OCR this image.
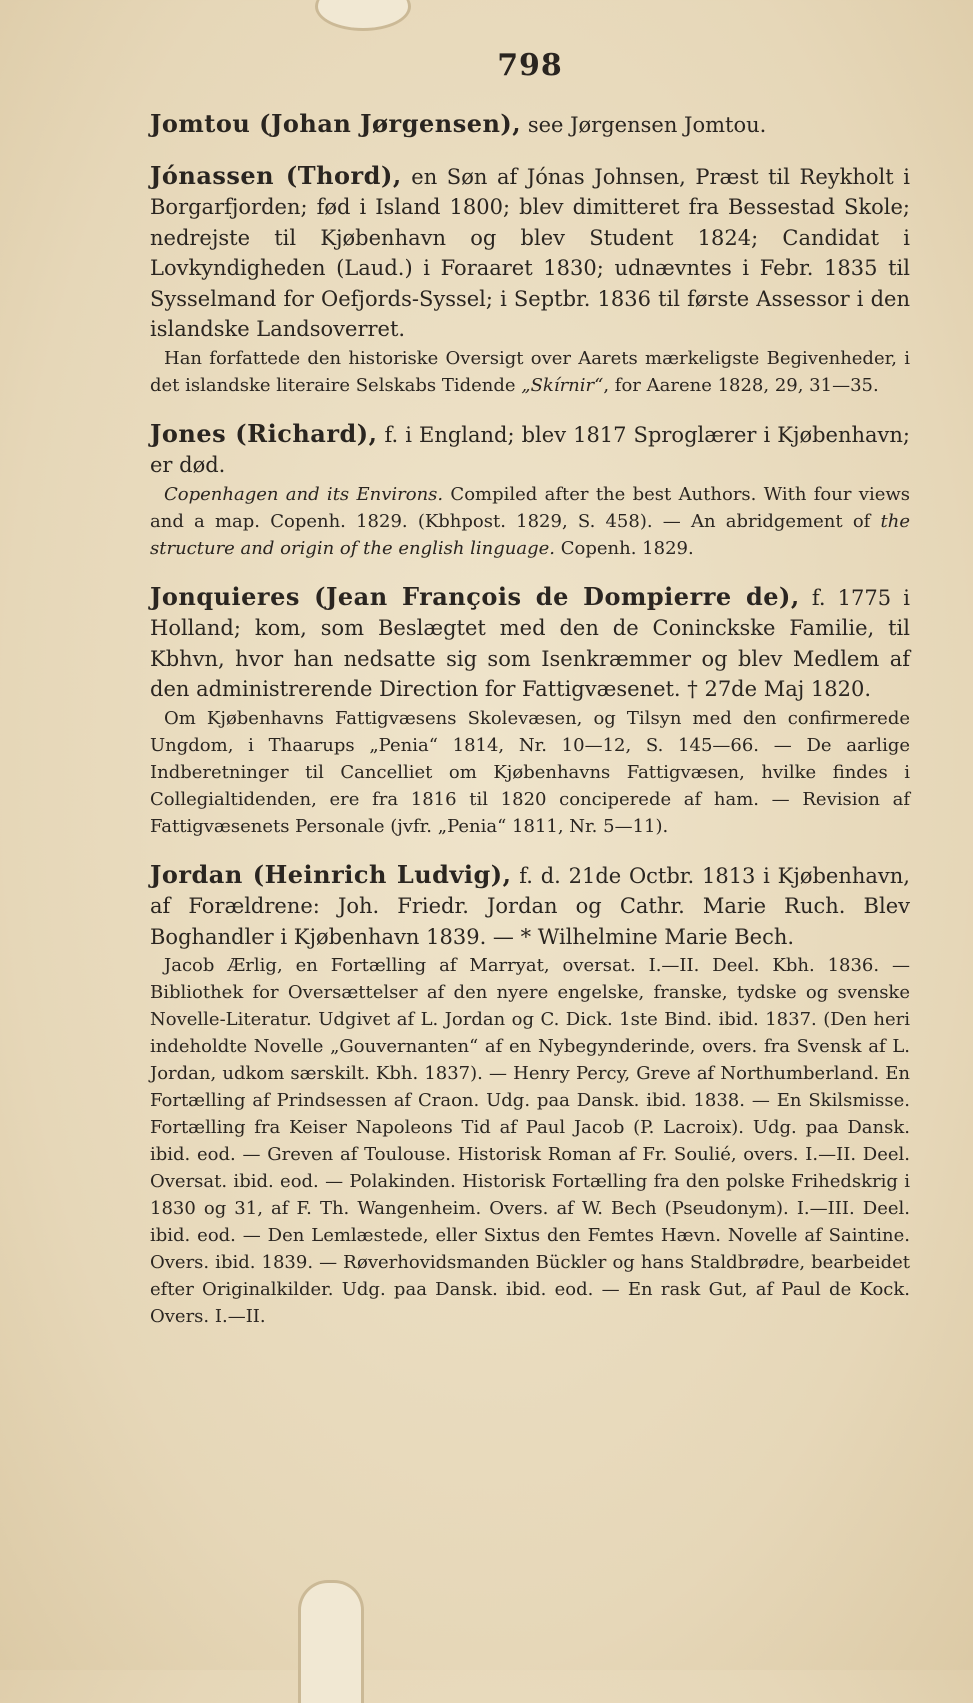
798

Jomtou (Johan Jørgensen), see Jørgensen Jomtou.

Jónassen (Thord), en Søn af Jónas Johnsen, Præst til Reykholt i Borgarfjorden; fød i Island 1800; blev dimitteret fra Bessestad Skole; nedrejste til Kjøbenhavn og blev Student 1824; Candidat i Lovkyndigheden (Laud.) i Foraaret 1830; udnævntes i Febr. 1835 til Sysselmand for Oefjords-Syssel; i Septbr. 1836 til første Assessor i den islandske Landsoverret.

Han forfattede den historiske Oversigt over Aarets mærkeligste Begivenheder, i det islandske literaire Selskabs Tidende „Skírnir“, for Aarene 1828, 29, 31—35.

Jones (Richard), f. i England; blev 1817 Sproglærer i Kjøbenhavn; er død.

Copenhagen and its Environs. Compiled after the best Authors. With four views and a map. Copenh. 1829. (Kbhpost. 1829, S. 458). — An abridgement of the structure and origin of the english linguage. Copenh. 1829.

Jonquieres (Jean François de Dompierre de), f. 1775 i Holland; kom, som Beslægtet med den de Coninckske Familie, til Kbhvn, hvor han nedsatte sig som Isenkræmmer og blev Medlem af den administrerende Direction for Fattigvæsenet. † 27de Maj 1820.

Om Kjøbenhavns Fattigvæsens Skolevæsen, og Tilsyn med den confirmerede Ungdom, i Thaarups „Penia“ 1814, Nr. 10—12, S. 145—66. — De aarlige Indberetninger til Cancelliet om Kjøbenhavns Fattigvæsen, hvilke findes i Collegialtidenden, ere fra 1816 til 1820 conciperede af ham. — Revision af Fattigvæsenets Personale (jvfr. „Penia“ 1811, Nr. 5—11).

Jordan (Heinrich Ludvig), f. d. 21de Octbr. 1813 i Kjøbenhavn, af Forældrene: Joh. Friedr. Jordan og Cathr. Marie Ruch. Blev Boghandler i Kjøbenhavn 1839. — * Wilhelmine Marie Bech.

Jacob Ærlig, en Fortælling af Marryat, oversat. I.—II. Deel. Kbh. 1836. — Bibliothek for Oversættelser af den nyere engelske, franske, tydske og svenske Novelle-Literatur. Udgivet af L. Jordan og C. Dick. 1ste Bind. ibid. 1837. (Den heri indeholdte Novelle „Gouvernanten“ af en Nybegynderinde, overs. fra Svensk af L. Jordan, udkom særskilt. Kbh. 1837). — Henry Percy, Greve af Northumberland. En Fortælling af Prindsessen af Craon. Udg. paa Dansk. ibid. 1838. — En Skilsmisse. Fortælling fra Keiser Napoleons Tid af Paul Jacob (P. Lacroix). Udg. paa Dansk. ibid. eod. — Greven af Toulouse. Historisk Roman af Fr. Soulié, overs. I.—II. Deel. Oversat. ibid. eod. — Polakinden. Historisk Fortælling fra den polske Frihedskrig i 1830 og 31, af F. Th. Wangenheim. Overs. af W. Bech (Pseudonym). I.—III. Deel. ibid. eod. — Den Lemlæstede, eller Sixtus den Femtes Hævn. Novelle af Saintine. Overs. ibid. 1839. — Røverhovidsmanden Bückler og hans Staldbrødre, bearbeidet efter Originalkilder. Udg. paa Dansk. ibid. eod. — En rask Gut, af Paul de Kock. Overs. I.—II.
